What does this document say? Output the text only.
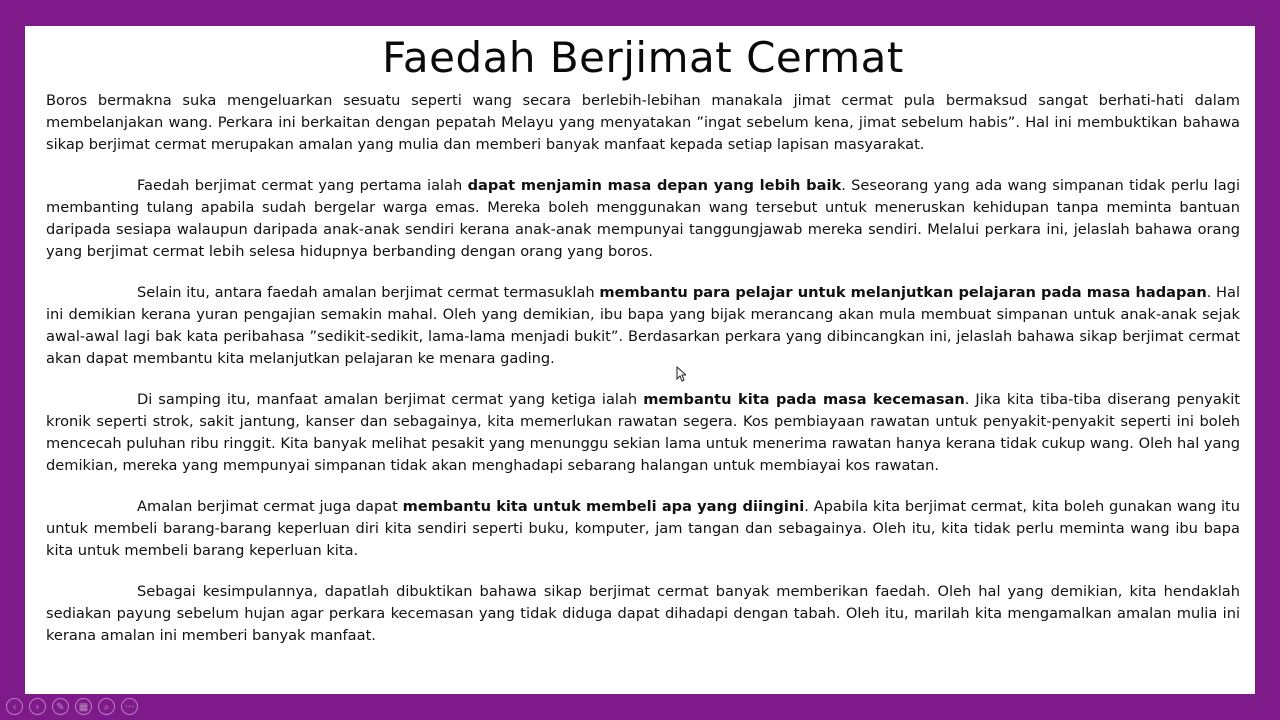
Faedah Berjimat Cermat

Boros bermakna suka mengeluarkan sesuatu seperti wang secara berlebih-lebihan manakala jimat cermat pula bermaksud sangat berhati-hati dalam membelanjakan wang. Perkara ini berkaitan dengan pepatah Melayu yang menyatakan ”ingat sebelum kena, jimat sebelum habis”. Hal ini membuktikan bahawa sikap berjimat cermat merupakan amalan yang mulia dan memberi banyak manfaat kepada setiap lapisan masyarakat.

Faedah berjimat cermat yang pertama ialah dapat menjamin masa depan yang lebih baik. Seseorang yang ada wang simpanan tidak perlu lagi membanting tulang apabila sudah bergelar warga emas. Mereka boleh menggunakan wang tersebut untuk meneruskan kehidupan tanpa meminta bantuan daripada sesiapa walaupun daripada anak-anak sendiri kerana anak-anak mempunyai tanggungjawab mereka sendiri. Melalui perkara ini, jelaslah bahawa orang yang berjimat cermat lebih selesa hidupnya berbanding dengan orang yang boros.

Selain itu, antara faedah amalan berjimat cermat termasuklah membantu para pelajar untuk melanjutkan pelajaran pada masa hadapan. Hal ini demikian kerana yuran pengajian semakin mahal. Oleh yang demikian, ibu bapa yang bijak merancang akan mula membuat simpanan untuk anak-anak sejak awal-awal lagi bak kata peribahasa ”sedikit-sedikit, lama-lama menjadi bukit”. Berdasarkan perkara yang dibincangkan ini, jelaslah bahawa sikap berjimat cermat akan dapat membantu kita melanjutkan pelajaran ke menara gading.

Di samping itu, manfaat amalan berjimat cermat yang ketiga ialah membantu kita pada masa kecemasan. Jika kita tiba-tiba diserang penyakit kronik seperti strok, sakit jantung, kanser dan sebagainya, kita memerlukan rawatan segera. Kos pembiayaan rawatan untuk penyakit-penyakit seperti ini boleh mencecah puluhan ribu ringgit. Kita banyak melihat pesakit yang menunggu sekian lama untuk menerima rawatan hanya kerana tidak cukup wang. Oleh hal yang demikian, mereka yang mempunyai simpanan tidak akan menghadapi sebarang halangan untuk membiayai kos rawatan.

Amalan berjimat cermat juga dapat membantu kita untuk membeli apa yang diingini. Apabila kita berjimat cermat, kita boleh gunakan wang itu untuk membeli barang-barang keperluan diri kita sendiri seperti buku, komputer, jam tangan dan sebagainya. Oleh itu, kita tidak perlu meminta wang ibu bapa kita untuk membeli barang keperluan kita.

Sebagai kesimpulannya, dapatlah dibuktikan bahawa sikap berjimat cermat banyak memberikan faedah. Oleh hal yang demikian, kita hendaklah sediakan payung sebelum hujan agar perkara kecemasan yang tidak diduga dapat dihadapi dengan tabah. Oleh itu, marilah kita mengamalkan amalan mulia ini kerana amalan ini memberi banyak manfaat.

‹	›	✎	▦	⌕	···
